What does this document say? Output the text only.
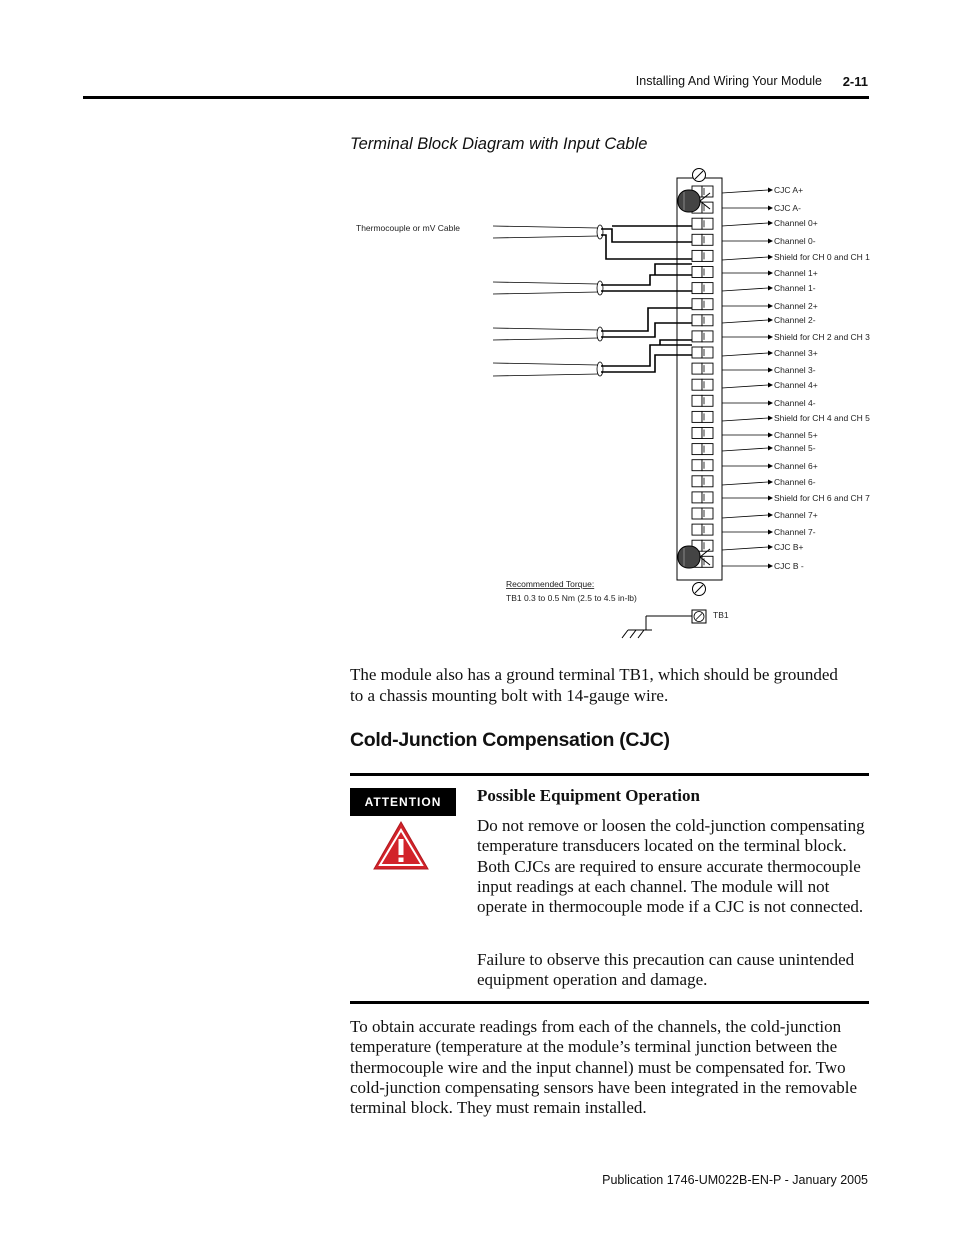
Installing And Wiring Your Module 2-11
Terminal Block Diagram with Input Cable
CJC A+
CJC A-
Channel 0+
Channel 0-
Shield for CH 0 and CH 1
Channel 1+
Channel 1-
Channel 2+
Channel 2-
Shield for CH 2 and CH 3
Channel 3+
Channel 3-
Channel 4+
Channel 4-
Shield for CH 4 and CH 5
Channel 5+
Channel 5-
Channel 6+
Channel 6-
Shield for CH 6 and CH 7
Channel 7+
Channel 7-
CJC B+
CJC B -
Thermocouple or mV Cable
Recommended Torque:
TB1 0.3 to 0.5 Nm (2.5 to 4.5 in-lb)
TB1
The module also has a ground terminal TB1, which should be grounded to a chassis mounting bolt with 14-gauge wire.
Cold-Junction Compensation (CJC)
ATTENTION	Possible Equipment Operation
Do not remove or loosen the cold-junction compensating temperature transducers located on the terminal block. Both CJCs are required to ensure accurate thermocouple input readings at each channel. The module will not operate in thermocouple mode if a CJC is not connected.
Failure to observe this precaution can cause unintended equipment operation and damage.
To obtain accurate readings from each of the channels, the cold-junction temperature (temperature at the module’s terminal junction between the thermocouple wire and the input channel) must be compensated for. Two cold-junction compensating sensors have been integrated in the removable terminal block. They must remain installed.
Publication 1746-UM022B-EN-P - January 2005
